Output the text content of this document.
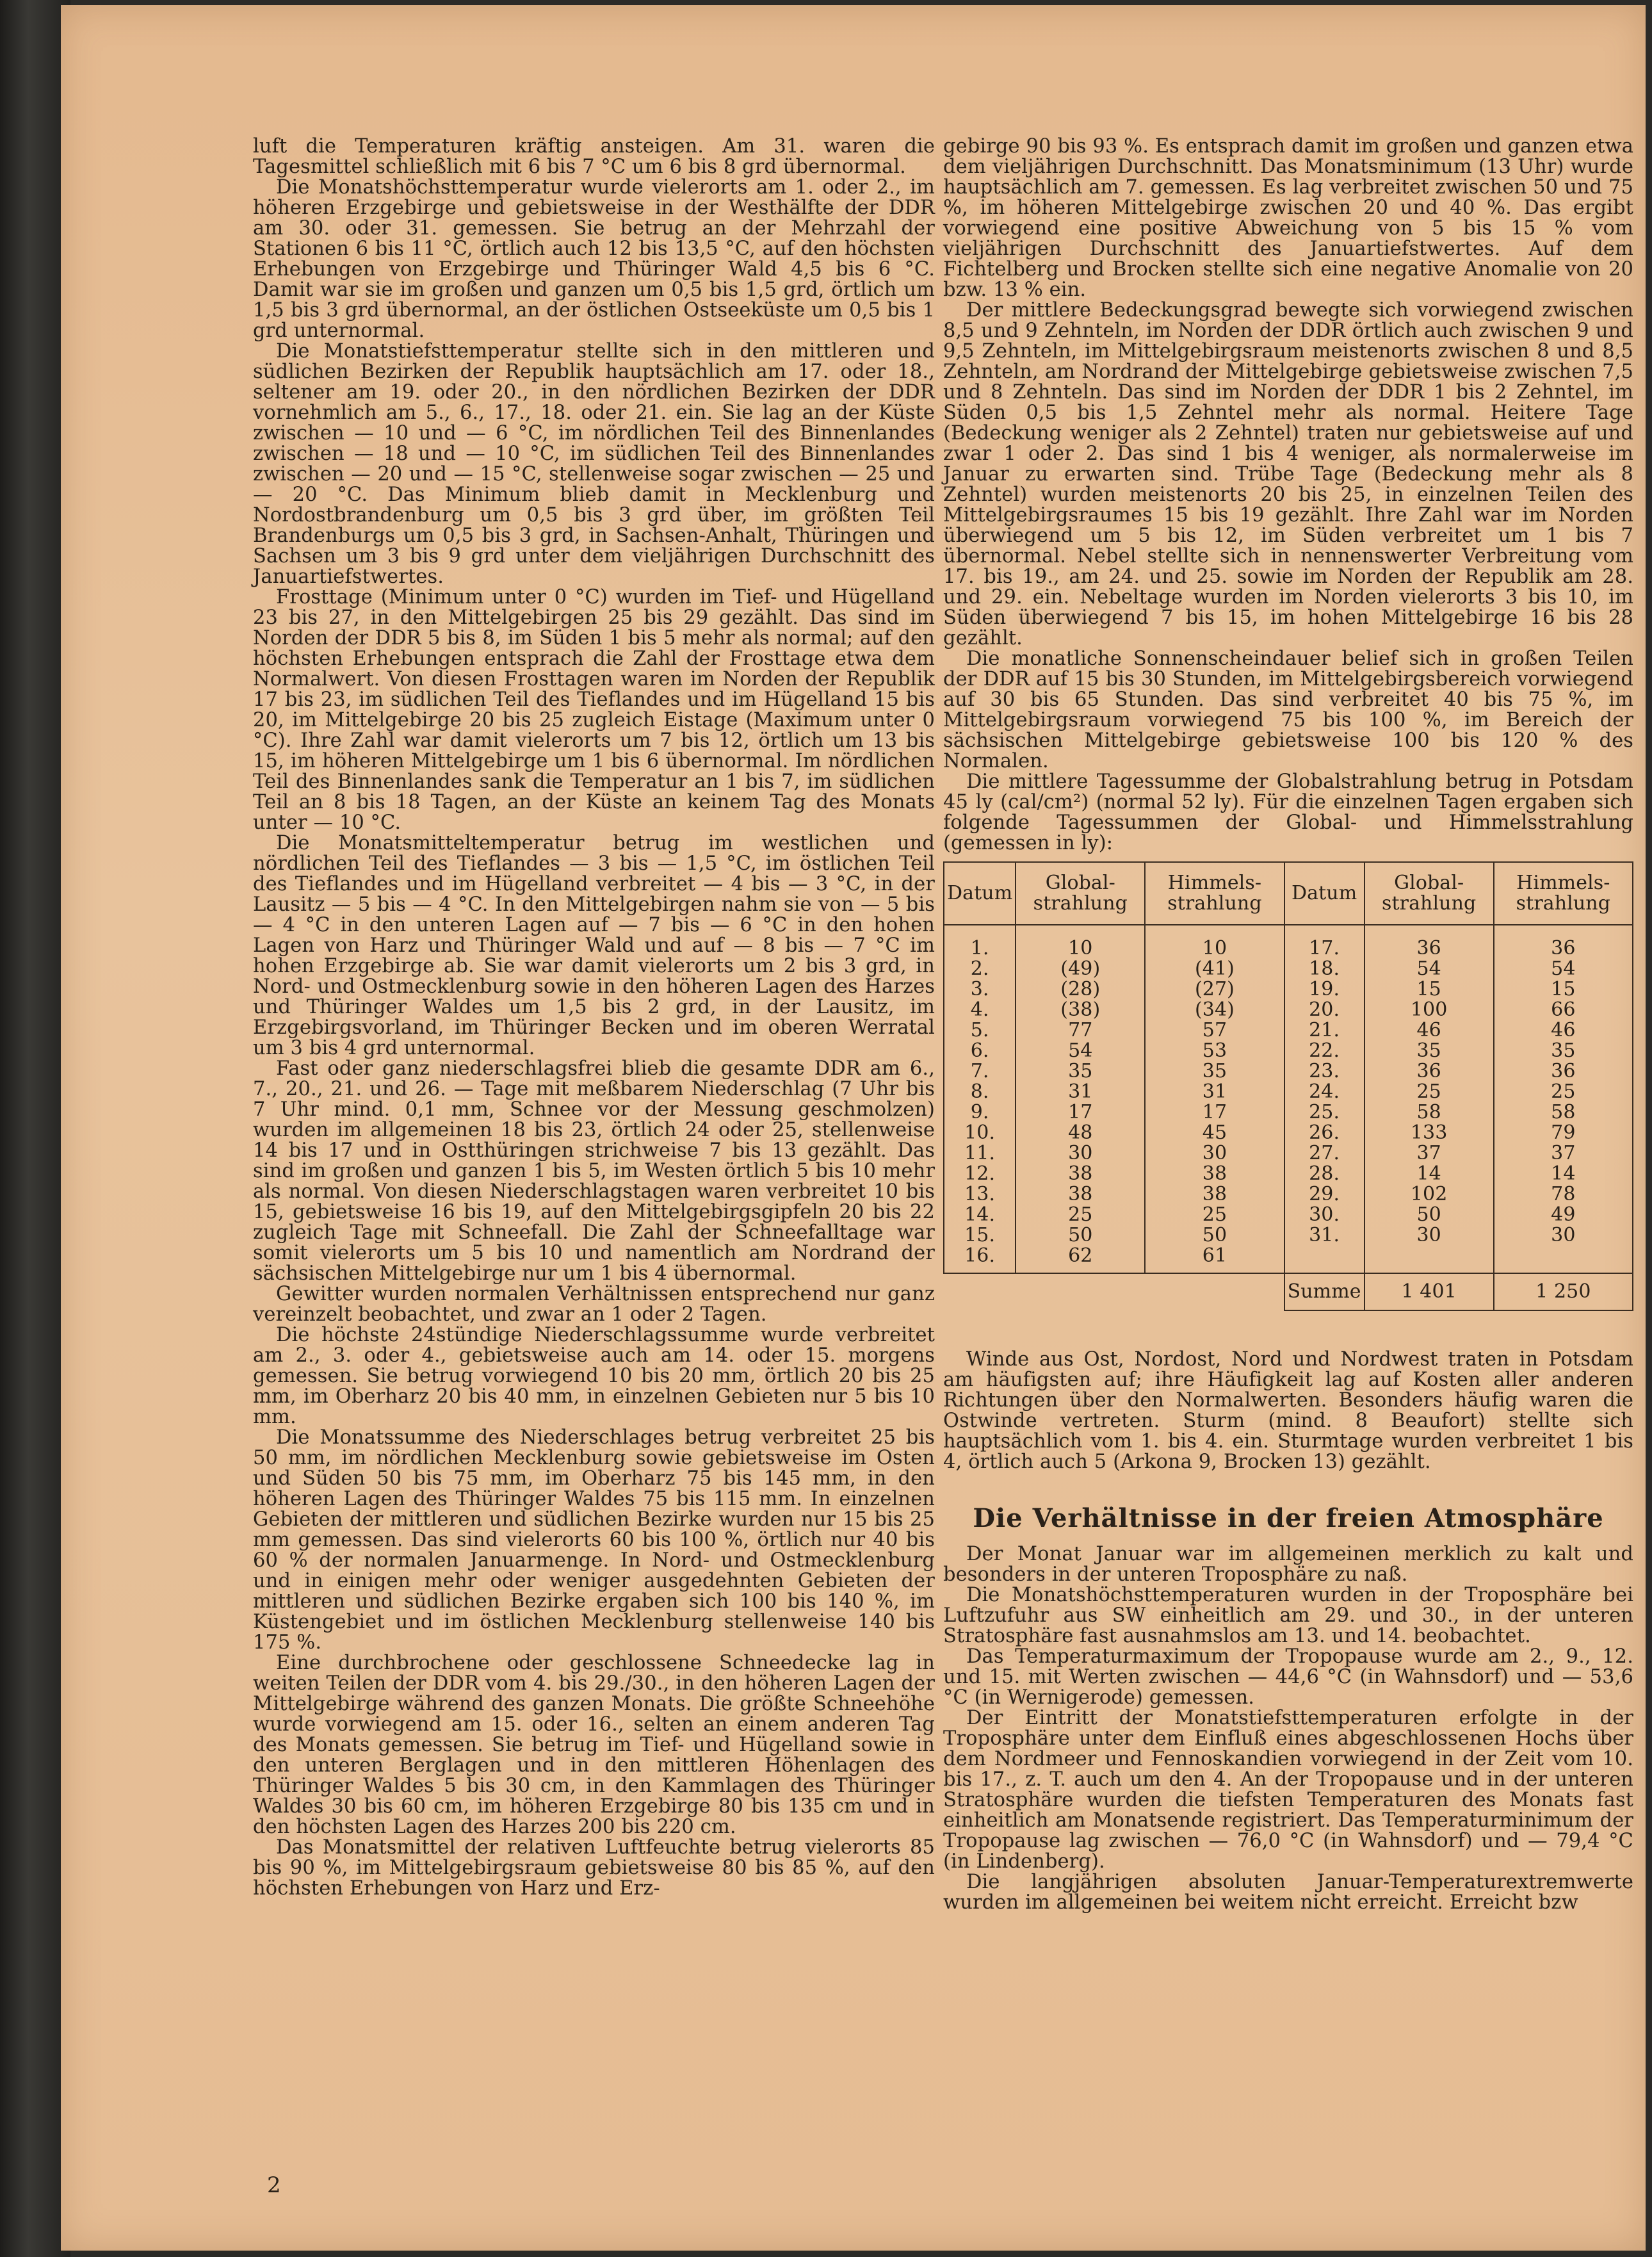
luft die Temperaturen kräftig ansteigen. Am 31. waren die Tagesmittel schließlich mit 6 bis 7 °C um 6 bis 8 grd übernormal.

Die Monatshöchsttemperatur wurde vielerorts am 1. oder 2., im höheren Erzgebirge und gebietsweise in der Westhälfte der DDR am 30. oder 31. gemessen. Sie betrug an der Mehrzahl der Stationen 6 bis 11 °C, örtlich auch 12 bis 13,5 °C, auf den höchsten Erhebungen von Erzgebirge und Thüringer Wald 4,5 bis 6 °C. Damit war sie im großen und ganzen um 0,5 bis 1,5 grd, örtlich um 1,5 bis 3 grd übernormal, an der östlichen Ostseeküste um 0,5 bis 1 grd unternormal.

Die Monatstiefsttemperatur stellte sich in den mittleren und südlichen Bezirken der Republik hauptsächlich am 17. oder 18., seltener am 19. oder 20., in den nördlichen Bezirken der DDR vornehmlich am 5., 6., 17., 18. oder 21. ein. Sie lag an der Küste zwischen — 10 und — 6 °C, im nördlichen Teil des Binnenlandes zwischen — 18 und — 10 °C, im südlichen Teil des Binnenlandes zwischen — 20 und — 15 °C, stellenweise sogar zwischen — 25 und — 20 °C. Das Minimum blieb damit in Mecklenburg und Nordostbrandenburg um 0,5 bis 3 grd über, im größten Teil Brandenburgs um 0,5 bis 3 grd, in Sachsen-Anhalt, Thüringen und Sachsen um 3 bis 9 grd unter dem vieljährigen Durchschnitt des Januartiefstwertes.

Frosttage (Minimum unter 0 °C) wurden im Tief- und Hügelland 23 bis 27, in den Mittelgebirgen 25 bis 29 gezählt. Das sind im Norden der DDR 5 bis 8, im Süden 1 bis 5 mehr als normal; auf den höchsten Erhebungen entsprach die Zahl der Frosttage etwa dem Normalwert. Von diesen Frosttagen waren im Norden der Republik 17 bis 23, im südlichen Teil des Tieflandes und im Hügelland 15 bis 20, im Mittelgebirge 20 bis 25 zugleich Eistage (Maximum unter 0 °C). Ihre Zahl war damit vielerorts um 7 bis 12, örtlich um 13 bis 15, im höheren Mittelgebirge um 1 bis 6 übernormal. Im nördlichen Teil des Binnenlandes sank die Temperatur an 1 bis 7, im südlichen Teil an 8 bis 18 Tagen, an der Küste an keinem Tag des Monats unter — 10 °C.

Die Monatsmitteltemperatur betrug im westlichen und nördlichen Teil des Tieflandes — 3 bis — 1,5 °C, im östlichen Teil des Tieflandes und im Hügelland verbreitet — 4 bis — 3 °C, in der Lausitz — 5 bis — 4 °C. In den Mittelgebirgen nahm sie von — 5 bis — 4 °C in den unteren Lagen auf — 7 bis — 6 °C in den hohen Lagen von Harz und Thüringer Wald und auf — 8 bis — 7 °C im hohen Erzgebirge ab. Sie war damit vielerorts um 2 bis 3 grd, in Nord- und Ostmecklenburg sowie in den höheren Lagen des Harzes und Thüringer Waldes um 1,5 bis 2 grd, in der Lausitz, im Erzgebirgsvorland, im Thüringer Becken und im oberen Werratal um 3 bis 4 grd unternormal.

Fast oder ganz niederschlagsfrei blieb die gesamte DDR am 6., 7., 20., 21. und 26. — Tage mit meßbarem Niederschlag (7 Uhr bis 7 Uhr mind. 0,1 mm, Schnee vor der Messung geschmolzen) wurden im allgemeinen 18 bis 23, örtlich 24 oder 25, stellenweise 14 bis 17 und in Ostthüringen strichweise 7 bis 13 gezählt. Das sind im großen und ganzen 1 bis 5, im Westen örtlich 5 bis 10 mehr als normal. Von diesen Niederschlagstagen waren verbreitet 10 bis 15, gebietsweise 16 bis 19, auf den Mittelgebirgsgipfeln 20 bis 22 zugleich Tage mit Schneefall. Die Zahl der Schneefalltage war somit vielerorts um 5 bis 10 und namentlich am Nordrand der sächsischen Mittelgebirge nur um 1 bis 4 übernormal.

Gewitter wurden normalen Verhältnissen entsprechend nur ganz vereinzelt beobachtet, und zwar an 1 oder 2 Tagen.

Die höchste 24stündige Niederschlagssumme wurde verbreitet am 2., 3. oder 4., gebietsweise auch am 14. oder 15. morgens gemessen. Sie betrug vorwiegend 10 bis 20 mm, örtlich 20 bis 25 mm, im Oberharz 20 bis 40 mm, in einzelnen Gebieten nur 5 bis 10 mm.

Die Monatssumme des Niederschlages betrug verbreitet 25 bis 50 mm, im nördlichen Mecklenburg sowie gebietsweise im Osten und Süden 50 bis 75 mm, im Oberharz 75 bis 145 mm, in den höheren Lagen des Thüringer Waldes 75 bis 115 mm. In einzelnen Gebieten der mittleren und südlichen Bezirke wurden nur 15 bis 25 mm gemessen. Das sind vielerorts 60 bis 100 %, örtlich nur 40 bis 60 % der normalen Januarmenge. In Nord- und Ostmecklenburg und in einigen mehr oder weniger ausgedehnten Gebieten der mittleren und südlichen Bezirke ergaben sich 100 bis 140 %, im Küstengebiet und im östlichen Mecklenburg stellenweise 140 bis 175 %.

Eine durchbrochene oder geschlossene Schneedecke lag in weiten Teilen der DDR vom 4. bis 29./30., in den höheren Lagen der Mittelgebirge während des ganzen Monats. Die größte Schneehöhe wurde vorwiegend am 15. oder 16., selten an einem anderen Tag des Monats gemessen. Sie betrug im Tief- und Hügelland sowie in den unteren Berglagen und in den mittleren Höhenlagen des Thüringer Waldes 5 bis 30 cm, in den Kammlagen des Thüringer Waldes 30 bis 60 cm, im höheren Erzgebirge 80 bis 135 cm und in den höchsten Lagen des Harzes 200 bis 220 cm.

Das Monatsmittel der relativen Luftfeuchte betrug vielerorts 85 bis 90 %, im Mittelgebirgsraum gebietsweise 80 bis 85 %, auf den höchsten Erhebungen von Harz und Erz-

gebirge 90 bis 93 %. Es entsprach damit im großen und ganzen etwa dem vieljährigen Durchschnitt. Das Monatsminimum (13 Uhr) wurde hauptsächlich am 7. gemessen. Es lag verbreitet zwischen 50 und 75 %, im höheren Mittelgebirge zwischen 20 und 40 %. Das ergibt vorwiegend eine positive Abweichung von 5 bis 15 % vom vieljährigen Durchschnitt des Januartiefstwertes. Auf dem Fichtelberg und Brocken stellte sich eine negative Anomalie von 20 bzw. 13 % ein.

Der mittlere Bedeckungsgrad bewegte sich vorwiegend zwischen 8,5 und 9 Zehnteln, im Norden der DDR örtlich auch zwischen 9 und 9,5 Zehnteln, im Mittelgebirgsraum meistenorts zwischen 8 und 8,5 Zehnteln, am Nordrand der Mittelgebirge gebietsweise zwischen 7,5 und 8 Zehnteln. Das sind im Norden der DDR 1 bis 2 Zehntel, im Süden 0,5 bis 1,5 Zehntel mehr als normal. Heitere Tage (Bedeckung weniger als 2 Zehntel) traten nur gebietsweise auf und zwar 1 oder 2. Das sind 1 bis 4 weniger, als normalerweise im Januar zu erwarten sind. Trübe Tage (Bedeckung mehr als 8 Zehntel) wurden meistenorts 20 bis 25, in einzelnen Teilen des Mittelgebirgsraumes 15 bis 19 gezählt. Ihre Zahl war im Norden überwiegend um 5 bis 12, im Süden verbreitet um 1 bis 7 übernormal. Nebel stellte sich in nennenswerter Verbreitung vom 17. bis 19., am 24. und 25. sowie im Norden der Republik am 28. und 29. ein. Nebeltage wurden im Norden vielerorts 3 bis 10, im Süden überwiegend 7 bis 15, im hohen Mittelgebirge 16 bis 28 gezählt.

Die monatliche Sonnenscheindauer belief sich in großen Teilen der DDR auf 15 bis 30 Stunden, im Mittelgebirgsbereich vorwiegend auf 30 bis 65 Stunden. Das sind verbreitet 40 bis 75 %, im Mittelgebirgsraum vorwiegend 75 bis 100 %, im Bereich der sächsischen Mittelgebirge gebietsweise 100 bis 120 % des Normalen.

Die mittlere Tagessumme der Globalstrahlung betrug in Potsdam 45 ly (cal/cm²) (normal 52 ly). Für die einzelnen Tagen ergaben sich folgende Tagessummen der Global- und Himmelsstrahlung (gemessen in ly):

Datum	Global-strahlung	Himmels-strahlung	Datum	Global-strahlung	Himmels-strahlung
1.	10	10	17.	36	36
2.	(49)	(41)	18.	54	54
3.	(28)	(27)	19.	15	15
4.	(38)	(34)	20.	100	66
5.	77	57	21.	46	46
6.	54	53	22.	35	35
7.	35	35	23.	36	36
8.	31	31	24.	25	25
9.	17	17	25.	58	58
10.	48	45	26.	133	79
11.	30	30	27.	37	37
12.	38	38	28.	14	14
13.	38	38	29.	102	78
14.	25	25	30.	50	49
15.	50	50	31.	30	30
16.	62	61			
			Summe	1 401	1 250

Winde aus Ost, Nordost, Nord und Nordwest traten in Potsdam am häufigsten auf; ihre Häufigkeit lag auf Kosten aller anderen Richtungen über den Normalwerten. Besonders häufig waren die Ostwinde vertreten. Sturm (mind. 8 Beaufort) stellte sich hauptsächlich vom 1. bis 4. ein. Sturmtage wurden verbreitet 1 bis 4, örtlich auch 5 (Arkona 9, Brocken 13) gezählt.

Die Verhältnisse in der freien Atmosphäre

Der Monat Januar war im allgemeinen merklich zu kalt und besonders in der unteren Troposphäre zu naß.

Die Monatshöchsttemperaturen wurden in der Troposphäre bei Luftzufuhr aus SW einheitlich am 29. und 30., in der unteren Stratosphäre fast ausnahmslos am 13. und 14. beobachtet.

Das Temperaturmaximum der Tropopause wurde am 2., 9., 12. und 15. mit Werten zwischen — 44,6 °C (in Wahnsdorf) und — 53,6 °C (in Wernigerode) gemessen.

Der Eintritt der Monatstiefsttemperaturen erfolgte in der Troposphäre unter dem Einfluß eines abgeschlossenen Hochs über dem Nordmeer und Fennoskandien vorwiegend in der Zeit vom 10. bis 17., z. T. auch um den 4. An der Tropopause und in der unteren Stratosphäre wurden die tiefsten Temperaturen des Monats fast einheitlich am Monatsende registriert. Das Temperaturminimum der Tropopause lag zwischen — 76,0 °C (in Wahnsdorf) und — 79,4 °C (in Lindenberg).

Die langjährigen absoluten Januar-Temperaturextremwerte wurden im allgemeinen bei weitem nicht erreicht. Erreicht bzw

2
